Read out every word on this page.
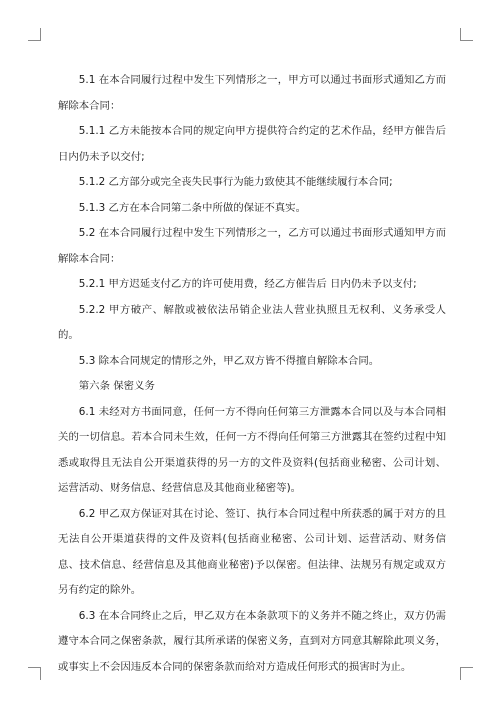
5.1 在本合同履行过程中发生下列情形之一，甲方可以通过书面形式通知乙方而解除本合同：

5.1.1 乙方未能按本合同的规定向甲方提供符合约定的艺术作品，经甲方催告后日内仍未予以交付;

5.1.2 乙方部分或完全丧失民事行为能力致使其不能继续履行本合同;

5.1.3 乙方在本合同第二条中所做的保证不真实。

5.2 在本合同履行过程中发生下列情形之一，乙方可以通过书面形式通知甲方而解除本合同：

5.2.1 甲方迟延支付乙方的许可使用费，经乙方催告后 日内仍未予以支付;

5.2.2 甲方破产、解散或被依法吊销企业法人营业执照且无权利、义务承受人的。

5.3 除本合同规定的情形之外，甲乙双方皆不得擅自解除本合同。

第六条 保密义务

6.1 未经对方书面同意，任何一方不得向任何第三方泄露本合同以及与本合同相关的一切信息。若本合同未生效，任何一方不得向任何第三方泄露其在签约过程中知悉或取得且无法自公开渠道获得的另一方的文件及资料(包括商业秘密、公司计划、运营活动、财务信息、经营信息及其他商业秘密等)。

6.2 甲乙双方保证对其在讨论、签订、执行本合同过程中所获悉的属于对方的且无法自公开渠道获得的文件及资料(包括商业秘密、公司计划、运营活动、财务信息、技术信息、经营信息及其他商业秘密)予以保密。但法律、法规另有规定或双方另有约定的除外。

6.3 在本合同终止之后，甲乙双方在本条款项下的义务并不随之终止，双方仍需遵守本合同之保密条款，履行其所承诺的保密义务，直到对方同意其解除此项义务，或事实上不会因违反本合同的保密条款而给对方造成任何形式的损害时为止。
